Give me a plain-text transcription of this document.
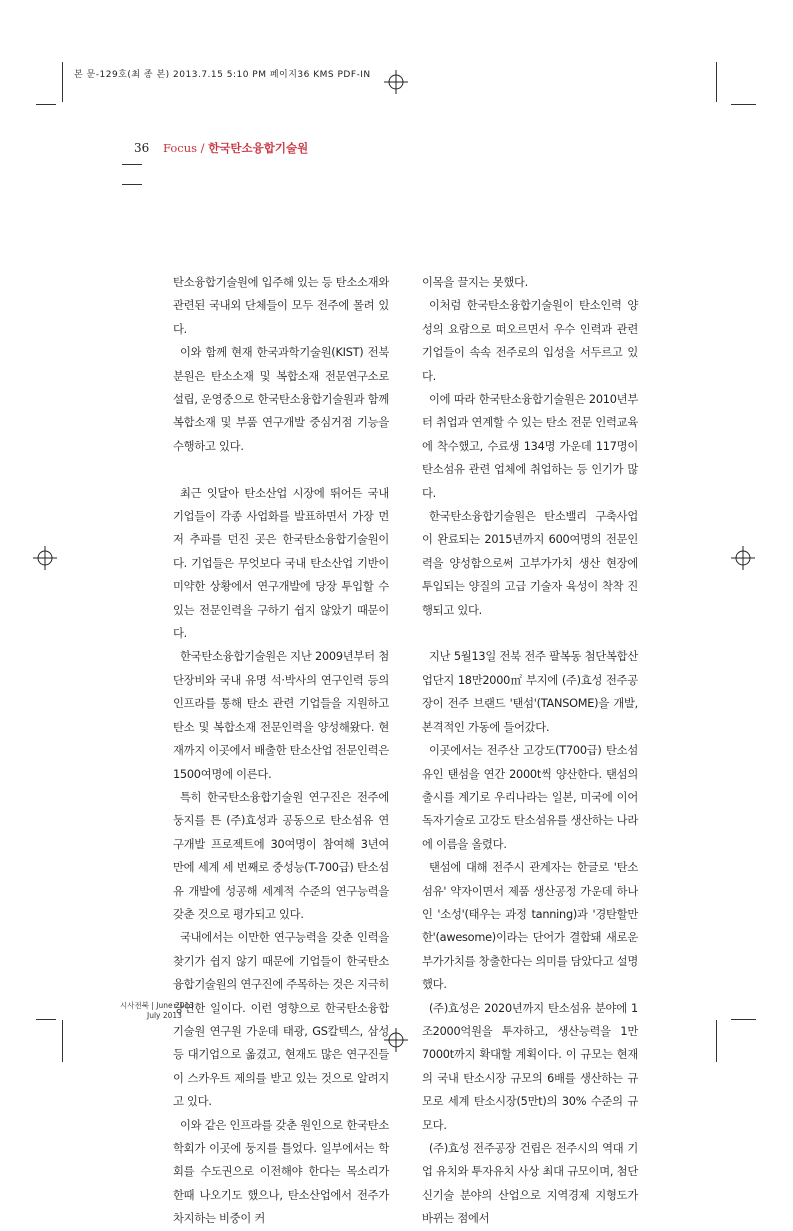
본 문-129호(최 종 본) 2013.7.15 5:10 PM 페이지36 KMS PDF-IN
36 Focus / 한국탄소융합기술원

탄소융합기술원에 입주해 있는 등 탄소소재와 관련된 국내외 단체들이 모두 전주에 몰려 있다.

이와 함께 현재 한국과학기술원(KIST) 전북분원은 탄소소재 및 복합소재 전문연구소로 설립, 운영중으로 한국탄소융합기술원과 함께 복합소재 및 부품 연구개발 중심거점 기능을 수행하고 있다.

최근 잇달아 탄소산업 시장에 뛰어든 국내 기업들이 각종 사업화를 발표하면서 가장 먼저 추파를 던진 곳은 한국탄소융합기술원이다. 기업들은 무엇보다 국내 탄소산업 기반이 미약한 상황에서 연구개발에 당장 투입할 수 있는 전문인력을 구하기 쉽지 않았기 때문이다.

한국탄소융합기술원은 지난 2009년부터 첨단장비와 국내 유명 석·박사의 연구인력 등의 인프라를 통해 탄소 관련 기업들을 지원하고 탄소 및 복합소재 전문인력을 양성해왔다. 현재까지 이곳에서 배출한 탄소산업 전문인력은 1500여명에 이른다.

특히 한국탄소융합기술원 연구진은 전주에 둥지를 튼 (주)효성과 공동으로 탄소섬유 연구개발 프로젝트에 30여명이 참여해 3년여 만에 세계 세 번째로 중성능(T-700급) 탄소섬유 개발에 성공해 세계적 수준의 연구능력을 갖춘 것으로 평가되고 있다.

국내에서는 이만한 연구능력을 갖춘 인력을 찾기가 쉽지 않기 때문에 기업들이 한국탄소융합기술원의 연구진에 주목하는 것은 지극히 당연한 일이다. 이런 영향으로 한국탄소융합기술원 연구원 가운데 태광, GS칼텍스, 삼성 등 대기업으로 옮겼고, 현재도 많은 연구진들이 스카우트 제의를 받고 있는 것으로 알려지고 있다.

이와 같은 인프라를 갖춘 원인으로 한국탄소학회가 이곳에 둥지를 틀었다. 일부에서는 학회를 수도권으로 이전해야 한다는 목소리가 한때 나오기도 했으나, 탄소산업에서 전주가 차지하는 비중이 커

이목을 끌지는 못했다.

이처럼 한국탄소융합기술원이 탄소인력 양성의 요람으로 떠오르면서 우수 인력과 관련 기업들이 속속 전주로의 입성을 서두르고 있다.

이에 따라 한국탄소융합기술원은 2010년부터 취업과 연계할 수 있는 탄소 전문 인력교육에 착수했고, 수료생 134명 가운데 117명이 탄소섬유 관련 업체에 취업하는 등 인기가 많다.

한국탄소융합기술원은 탄소밸리 구축사업이 완료되는 2015년까지 600여명의 전문인력을 양성함으로써 고부가가치 생산 현장에 투입되는 양질의 고급 기술자 육성이 착착 진행되고 있다.

지난 5월13일 전북 전주 팔복동 첨단복합산업단지 18만2000㎡ 부지에 (주)효성 전주공장이 전주 브랜드 '탠섬'(TANSOME)을 개발, 본격적인 가동에 들어갔다.

이곳에서는 전주산 고강도(T700급) 탄소섬유인 탠섬을 연간 2000t씩 양산한다. 탠섬의 출시를 계기로 우리나라는 일본, 미국에 이어 독자기술로 고강도 탄소섬유를 생산하는 나라에 이름을 올렸다.

탠섬에 대해 전주시 관계자는 한글로 '탄소섬유' 약자이면서 제품 생산공정 가운데 하나인 '소성'(태우는 과정 tanning)과 '경탄할만한'(awesome)이라는 단어가 결합돼 새로운 부가가치를 창출한다는 의미를 담았다고 설명했다.

(주)효성은 2020년까지 탄소섬유 분야에 1조2000억원을 투자하고, 생산능력을 1만7000t까지 확대할 계획이다. 이 규모는 현재의 국내 탄소시장 규모의 6배를 생산하는 규모로 세계 탄소시장(5만t)의 30% 수준의 규모다.

(주)효성 전주공장 건립은 전주시의 역대 기업 유치와 투자유치 사상 최대 규모이며, 첨단 신기술 분야의 산업으로 지역경제 지형도가 바뀌는 점에서

시사전북 | June 2013
July 2013
